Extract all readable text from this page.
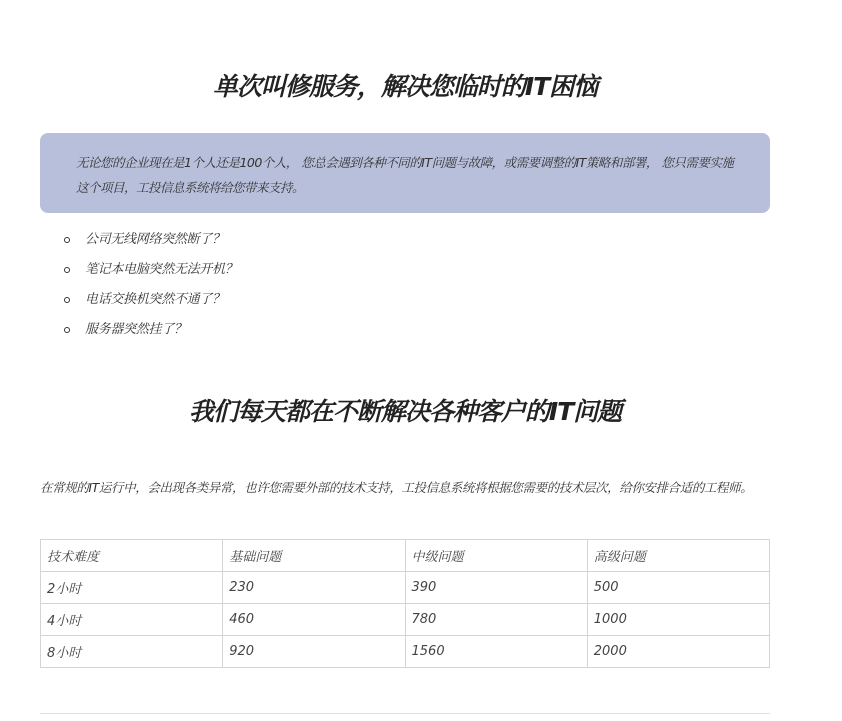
单次叫修服务，解决您临时的IT困恼

无论您的企业现在是1个人还是100个人， 您总会遇到各种不同的IT问题与故障，或需要调整的IT策略和部署， 您只需要实施这个项目，工投信息系统将给您带来支持。

公司无线网络突然断了？
笔记本电脑突然无法开机？
电话交换机突然不通了？
服务器突然挂了？
我们每天都在不断解决各种客户的IT问题

在常规的IT运行中，会出现各类异常，也许您需要外部的技术支持，工投信息系统将根据您需要的技术层次，给你安排合适的工程师。

技术难度	基础问题	中级问题	高级问题
2小时	230	390	500
4小时	460	780	1000
8小时	920	1560	2000
